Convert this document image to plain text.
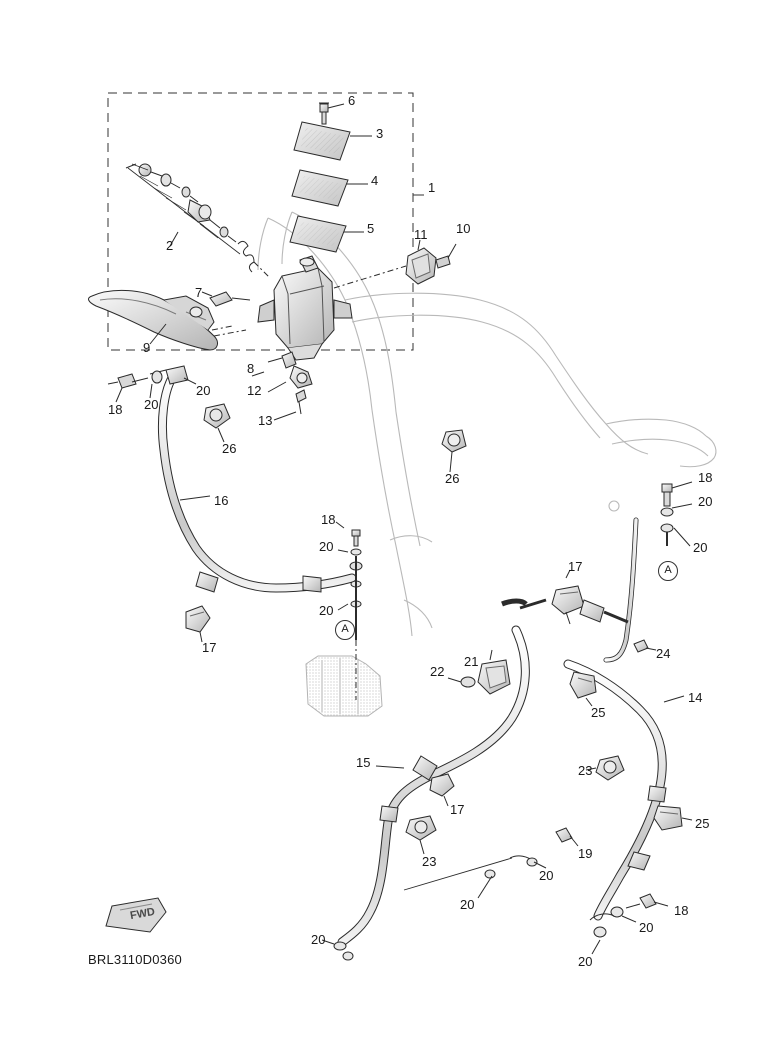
1
2
3
4
5
6
7
8
9
10
11
12
13
14
15
16
17
17
17
18
18
18
18
19
20
20
20
20
20
20
20
20
20
20
20
21
22
23
23
24
25
25
26
26
A
A
FWD
BRL3110D0360
